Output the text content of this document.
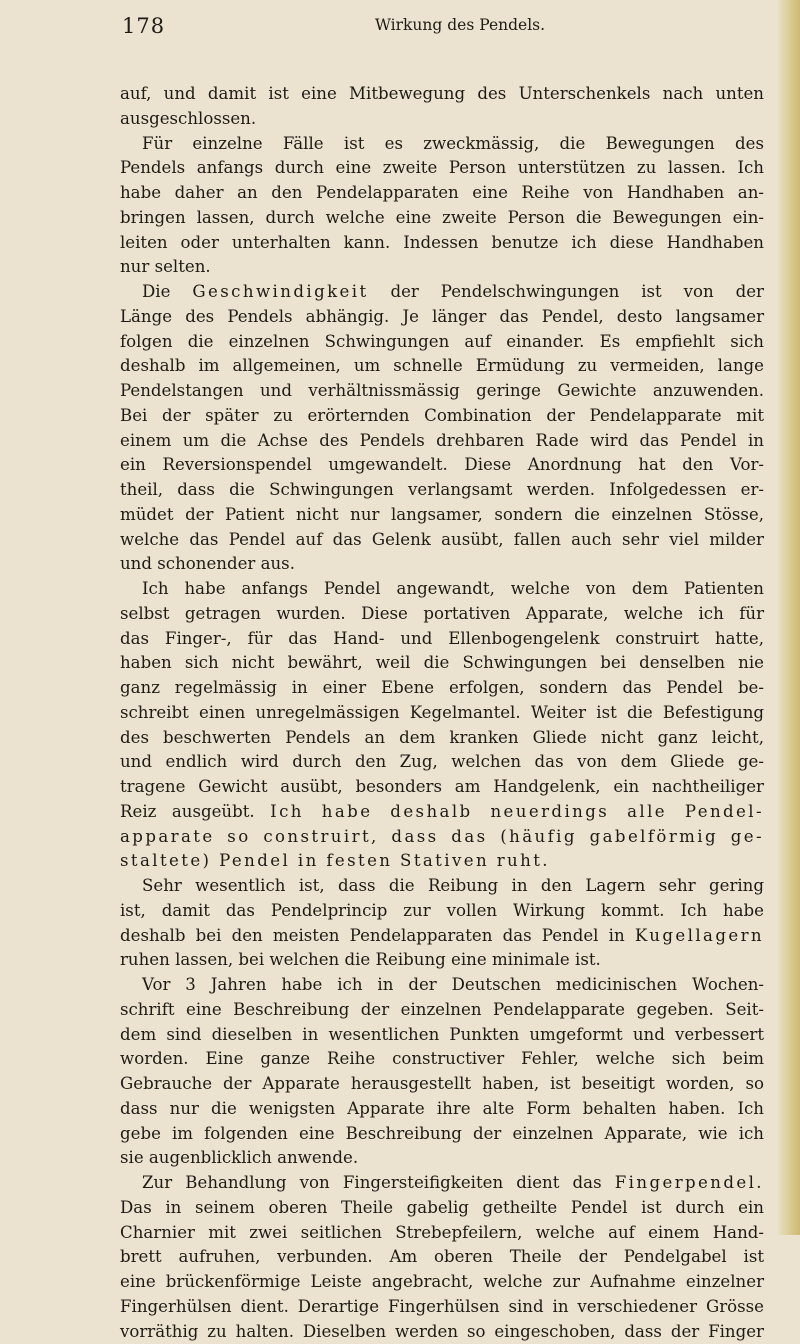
178	Wirkung des Pendels.
auf, und damit ist eine Mitbewegung des Unterschenkels nach unten
ausgeschlossen.
Für einzelne Fälle ist es zweckmässig, die Bewegungen des
Pendels anfangs durch eine zweite Person unterstützen zu lassen. Ich
habe daher an den Pendelapparaten eine Reihe von Handhaben an-
bringen lassen, durch welche eine zweite Person die Bewegungen ein-
leiten oder unterhalten kann. Indessen benutze ich diese Handhaben
nur selten.
Die Geschwindigkeit der Pendelschwingungen ist von der
Länge des Pendels abhängig. Je länger das Pendel, desto langsamer
folgen die einzelnen Schwingungen auf einander. Es empfiehlt sich
deshalb im allgemeinen, um schnelle Ermüdung zu vermeiden, lange
Pendelstangen und verhältnissmässig geringe Gewichte anzuwenden.
Bei der später zu erörternden Combination der Pendelapparate mit
einem um die Achse des Pendels drehbaren Rade wird das Pendel in
ein Reversionspendel umgewandelt. Diese Anordnung hat den Vor-
theil, dass die Schwingungen verlangsamt werden. Infolgedessen er-
müdet der Patient nicht nur langsamer, sondern die einzelnen Stösse,
welche das Pendel auf das Gelenk ausübt, fallen auch sehr viel milder
und schonender aus.
Ich habe anfangs Pendel angewandt, welche von dem Patienten
selbst getragen wurden. Diese portativen Apparate, welche ich für
das Finger-, für das Hand- und Ellenbogengelenk construirt hatte,
haben sich nicht bewährt, weil die Schwingungen bei denselben nie
ganz regelmässig in einer Ebene erfolgen, sondern das Pendel be-
schreibt einen unregelmässigen Kegelmantel. Weiter ist die Befestigung
des beschwerten Pendels an dem kranken Gliede nicht ganz leicht,
und endlich wird durch den Zug, welchen das von dem Gliede ge-
tragene Gewicht ausübt, besonders am Handgelenk, ein nachtheiliger
Reiz ausgeübt. Ich habe deshalb neuerdings alle Pendel-
apparate so construirt, dass das (häufig gabelförmig ge-
staltete) Pendel in festen Stativen ruht.
Sehr wesentlich ist, dass die Reibung in den Lagern sehr gering
ist, damit das Pendelprincip zur vollen Wirkung kommt. Ich habe
deshalb bei den meisten Pendelapparaten das Pendel in Kugellagern
ruhen lassen, bei welchen die Reibung eine minimale ist.
Vor 3 Jahren habe ich in der Deutschen medicinischen Wochen-
schrift eine Beschreibung der einzelnen Pendelapparate gegeben. Seit-
dem sind dieselben in wesentlichen Punkten umgeformt und verbessert
worden. Eine ganze Reihe constructiver Fehler, welche sich beim
Gebrauche der Apparate herausgestellt haben, ist beseitigt worden, so
dass nur die wenigsten Apparate ihre alte Form behalten haben. Ich
gebe im folgenden eine Beschreibung der einzelnen Apparate, wie ich
sie augenblicklich anwende.
Zur Behandlung von Fingersteifigkeiten dient das Fingerpendel.
Das in seinem oberen Theile gabelig getheilte Pendel ist durch ein
Charnier mit zwei seitlichen Strebepfeilern, welche auf einem Hand-
brett aufruhen, verbunden. Am oberen Theile der Pendelgabel ist
eine brückenförmige Leiste angebracht, welche zur Aufnahme einzelner
Fingerhülsen dient. Derartige Fingerhülsen sind in verschiedener Grösse
vorräthig zu halten. Dieselben werden so eingeschoben, dass der Finger
